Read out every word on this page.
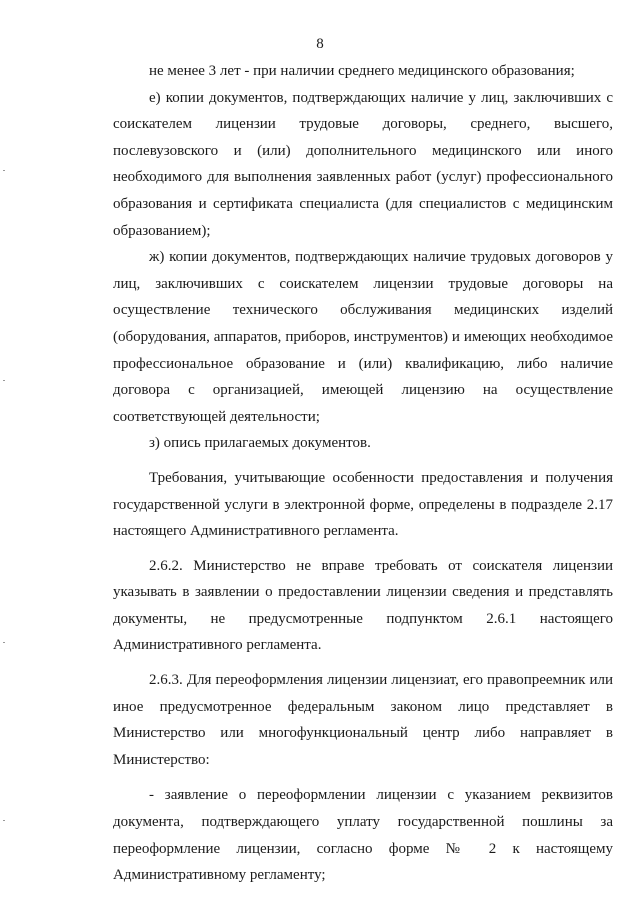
8

не менее 3 лет - при наличии среднего медицинского образования;

е) копии документов, подтверждающих наличие у лиц, заключивших с соискателем лицензии трудовые договоры, среднего, высшего, послевузовского и (или) дополнительного медицинского или иного необходимого для выполнения заявленных работ (услуг) профессионального образования и сертификата специалиста (для специалистов с медицинским образованием);

ж) копии документов, подтверждающих наличие трудовых договоров у лиц, заключивших с соискателем лицензии трудовые договоры на осуществление технического обслуживания медицинских изделий (оборудования, аппаратов, приборов, инструментов) и имеющих необходимое профессиональное образование и (или) квалификацию, либо наличие договора с организацией, имеющей лицензию на осуществление соответствующей деятельности;

з) опись прилагаемых документов.

Требования, учитывающие особенности предоставления и получения государственной услуги в электронной форме, определены в подразделе 2.17 настоящего Административного регламента.

2.6.2. Министерство не вправе требовать от соискателя лицензии указывать в заявлении о предоставлении лицензии сведения и представлять документы, не предусмотренные подпунктом 2.6.1 настоящего Административного регламента.

2.6.3. Для переоформления лицензии лицензиат, его правопреемник или иное предусмотренное федеральным законом лицо представляет в Министерство или многофункциональный центр либо направляет в Министерство:

- заявление о переоформлении лицензии с указанием реквизитов документа, подтверждающего уплату государственной пошлины за переоформление лицензии, согласно форме № 2 к настоящему Административному регламенту;
